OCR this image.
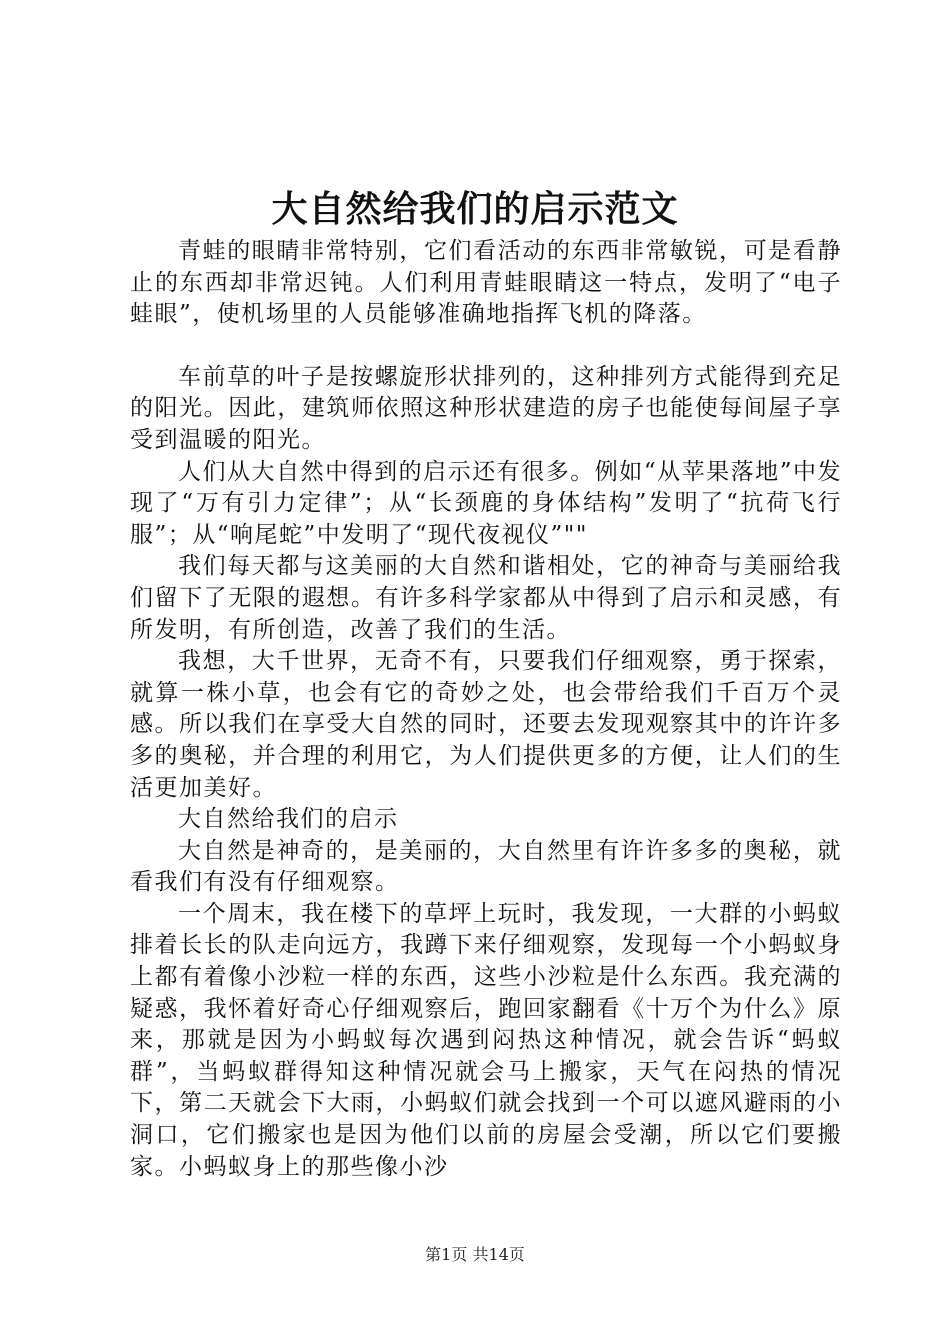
大自然给我们的启示范文

青蛙的眼睛非常特别，它们看活动的东西非常敏锐，可是看静止的东西却非常迟钝。人们利用青蛙眼睛这一特点，发明了“电子蛙眼”，使机场里的人员能够准确地指挥飞机的降落。

车前草的叶子是按螺旋形状排列的，这种排列方式能得到充足的阳光。因此，建筑师依照这种形状建造的房子也能使每间屋子享受到温暖的阳光。

人们从大自然中得到的启示还有很多。例如“从苹果落地”中发现了“万有引力定律”；从“长颈鹿的身体结构”发明了“抗荷飞行服”；从“响尾蛇”中发明了“现代夜视仪”""

我们每天都与这美丽的大自然和谐相处，它的神奇与美丽给我们留下了无限的遐想。有许多科学家都从中得到了启示和灵感，有所发明，有所创造，改善了我们的生活。

我想，大千世界，无奇不有，只要我们仔细观察，勇于探索，就算一株小草，也会有它的奇妙之处，也会带给我们千百万个灵感。所以我们在享受大自然的同时，还要去发现观察其中的许许多多的奥秘，并合理的利用它，为人们提供更多的方便，让人们的生活更加美好。

大自然给我们的启示

大自然是神奇的，是美丽的，大自然里有许许多多的奥秘，就看我们有没有仔细观察。

一个周末，我在楼下的草坪上玩时，我发现，一大群的小蚂蚁排着长长的队走向远方，我蹲下来仔细观察，发现每一个小蚂蚁身上都有着像小沙粒一样的东西，这些小沙粒是什么东西。我充满的疑惑，我怀着好奇心仔细观察后，跑回家翻看《十万个为什么》原来，那就是因为小蚂蚁每次遇到闷热这种情况，就会告诉“蚂蚁群”，当蚂蚁群得知这种情况就会马上搬家，天气在闷热的情况下，第二天就会下大雨，小蚂蚁们就会找到一个可以遮风避雨的小洞口，它们搬家也是因为他们以前的房屋会受潮，所以它们要搬家。小蚂蚁身上的那些像小沙

第1页 共14页
